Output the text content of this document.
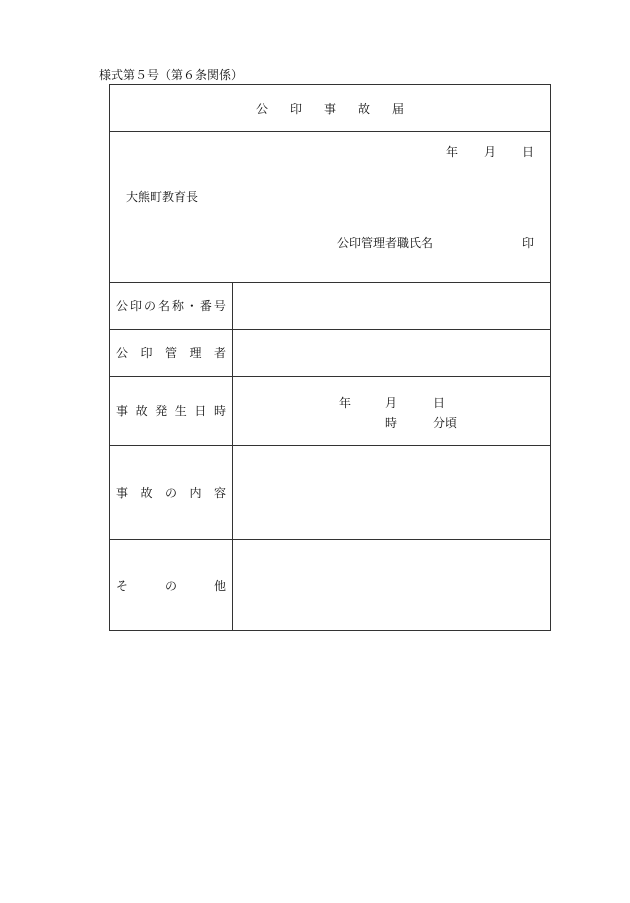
様式第５号（第６条関係）
公印事故届
年 月 日
大熊町教育長
公印管理者職氏名	印
公 印 の 名 称 ・ 番 号
公 印 管 理 者
事 故 発 生 日 時
年	月	日
時	分頃
事 故 の 内 容
そ	の	他
